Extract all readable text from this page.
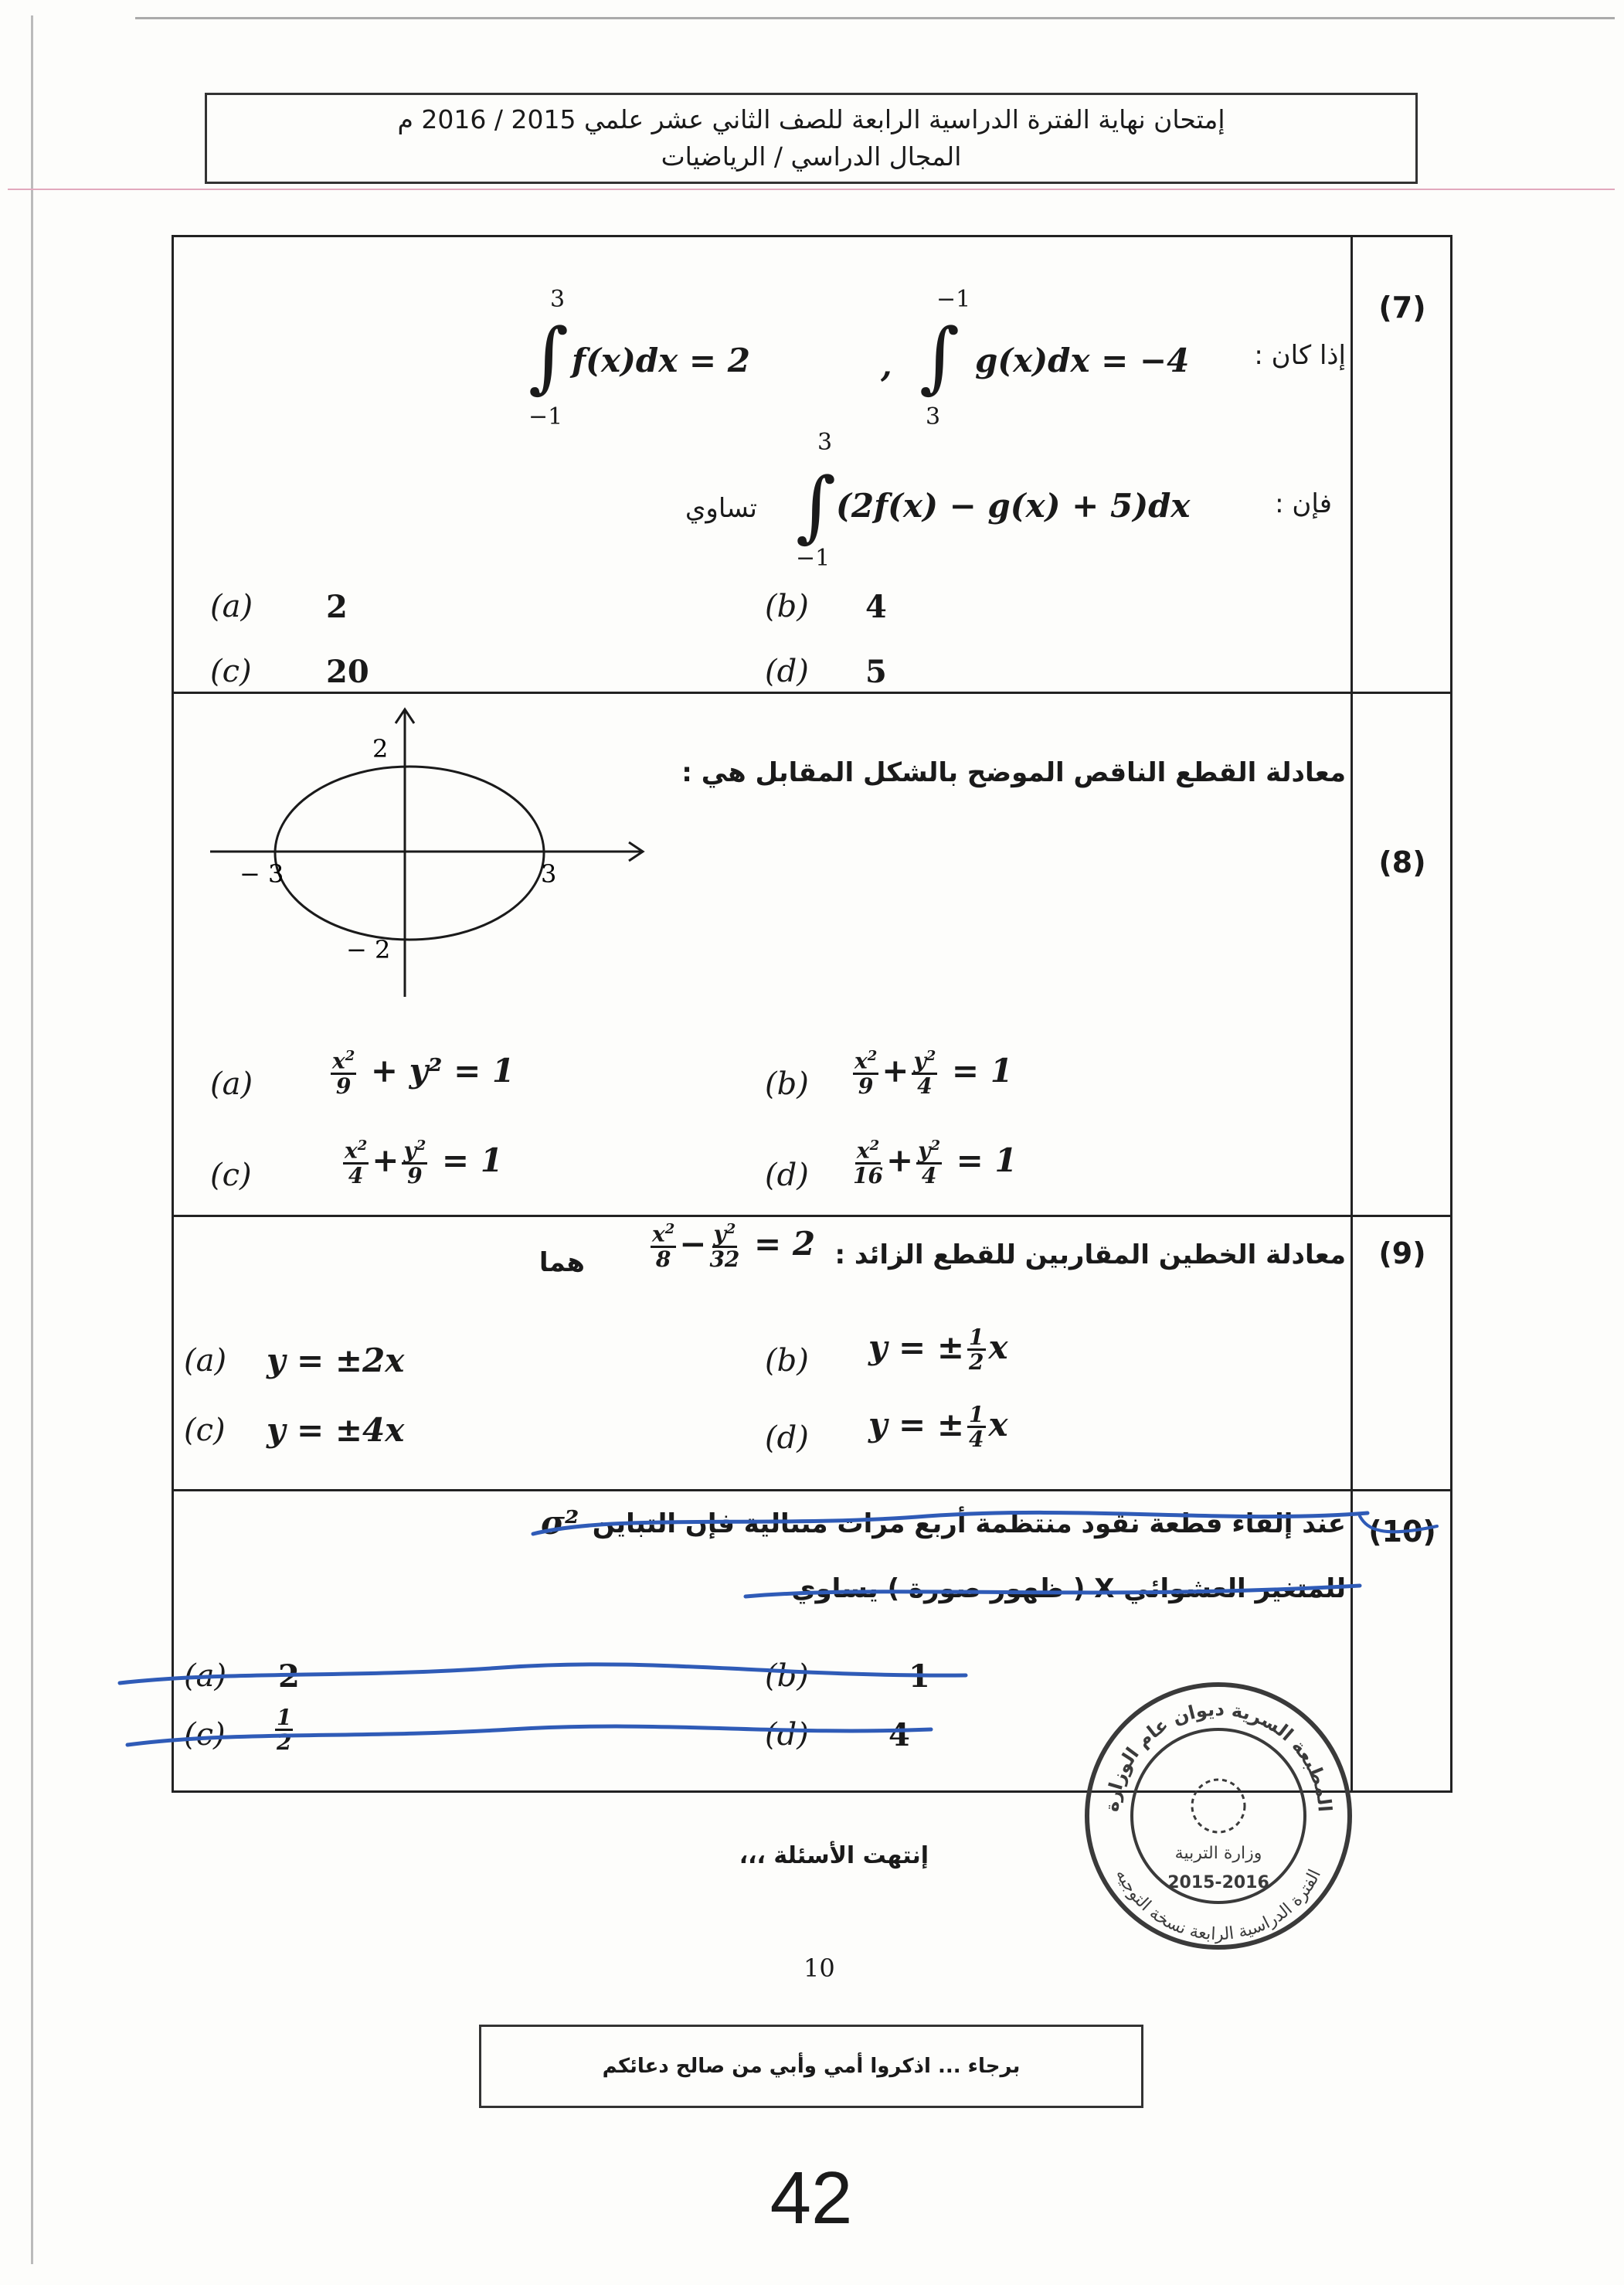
إمتحان نهاية الفترة الدراسية الرابعة للصف الثاني عشر علمي 2015 / 2016 م
المجال الدراسي / الرياضيات
(7)
إذا كان :
−1
∫
3
g(x)dx = −4
,
3
∫
−1
f(x)dx = 2
فإن :
3
∫
−1
(2f(x) − g(x) + 5)dx
تساوي
(a) 2	(b) 4
(c) 20	(d) 5
(8)
معادلة القطع الناقص الموضح بالشكل المقابل هي :
2
− 2
− 3	3
(a)	$\frac{x^2}{9} + y^2 = 1$	$(b) \frac{x^2}{9} + \frac{y^2}{4} = 1$
(c)	$\frac{x^2}{4} + \frac{y^2}{9} = 1$	$(d) \frac{x^2}{16} + \frac{y^2}{4} = 1$
(9)
معادلة الخطين المقاربين للقطع الزائد :
$\frac{x^2}{8} - \frac{y^2}{32} = 2$
هما
(a) y = ±2x	(b) y = ± $\frac{1}{2}$ x
(c) y = ±4x	(d) y = ± $\frac{1}{4}$ x
(10)
عند إلقاء قطعة نقود منتظمة أربع مرات متتالية فإن التباين
σ²
للمتغير العشوائي X ( ظهور صورة ) يساوي
(a) 2	(b)	1
$(c) \frac{1}{2}$	(d)	4
المطبعة السرية ديوان عام الوزارة
الفترة الدراسية الرابعة نسخة التوجيه
وزارة التربية
2015-2016
إنتهت الأسئلة ،،،
10
برجاء ... اذكروا أمي وأبي من صالح دعائكم
42
